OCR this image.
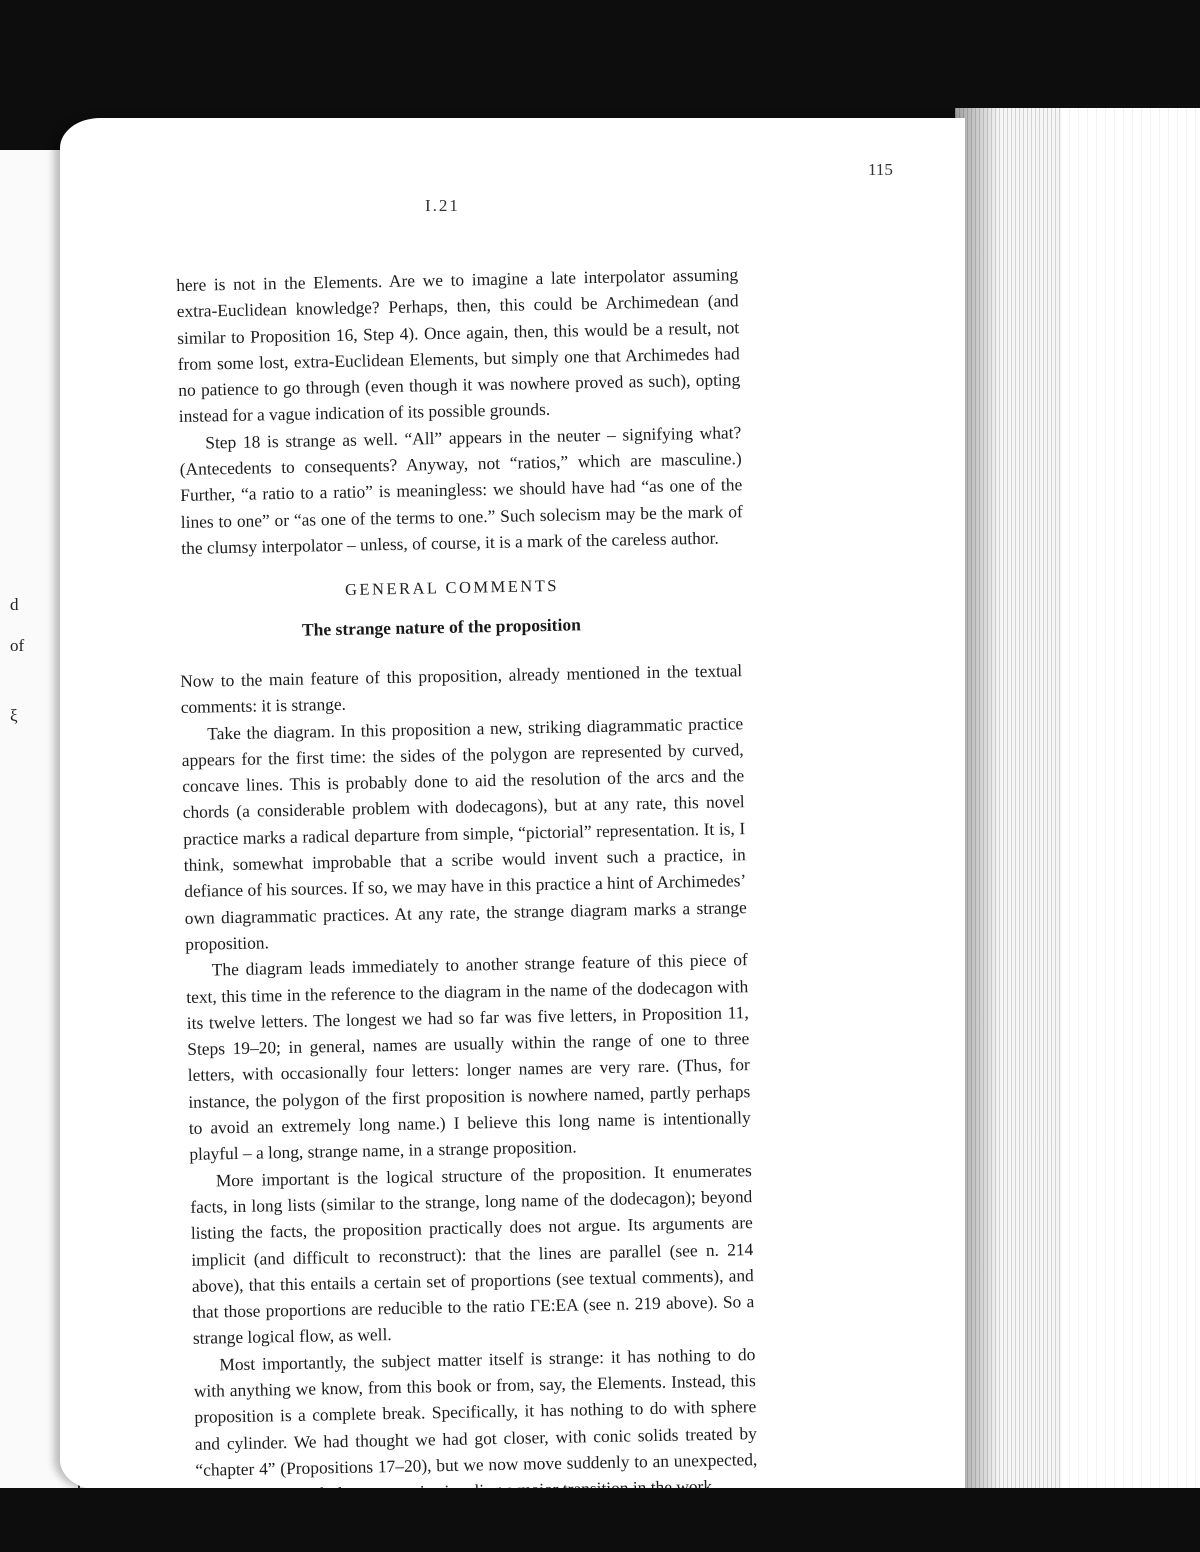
d
of
ξ
I.21
115

here is not in the Elements. Are we to imagine a late interpolator assuming extra-Euclidean knowledge? Perhaps, then, this could be Archimedean (and similar to Proposition 16, Step 4). Once again, then, this would be a result, not from some lost, extra-Euclidean Elements, but simply one that Archimedes had no patience to go through (even though it was nowhere proved as such), opting instead for a vague indication of its possible grounds.

Step 18 is strange as well. “All” appears in the neuter – signifying what? (Antecedents to consequents? Anyway, not “ratios,” which are masculine.) Further, “a ratio to a ratio” is meaningless: we should have had “as one of the lines to one” or “as one of the terms to one.” Such solecism may be the mark of the clumsy interpolator – unless, of course, it is a mark of the careless author.

GENERAL COMMENTS
The strange nature of the proposition

Now to the main feature of this proposition, already mentioned in the textual comments: it is strange.

Take the diagram. In this proposition a new, striking diagrammatic practice appears for the first time: the sides of the polygon are represented by curved, concave lines. This is probably done to aid the resolution of the arcs and the chords (a considerable problem with dodecagons), but at any rate, this novel practice marks a radical departure from simple, “pictorial” representation. It is, I think, somewhat improbable that a scribe would invent such a practice, in defiance of his sources. If so, we may have in this practice a hint of Archimedes’ own diagrammatic practices. At any rate, the strange diagram marks a strange proposition.

The diagram leads immediately to another strange feature of this piece of text, this time in the reference to the diagram in the name of the dodecagon with its twelve letters. The longest we had so far was five letters, in Proposition 11, Steps 19–20; in general, names are usually within the range of one to three letters, with occasionally four letters: longer names are very rare. (Thus, for instance, the polygon of the first proposition is nowhere named, partly perhaps to avoid an extremely long name.) I believe this long name is intentionally playful – a long, strange name, in a strange proposition.

More important is the logical structure of the proposition. It enumerates facts, in long lists (similar to the strange, long name of the dodecagon); beyond listing the facts, the proposition practically does not argue. Its arguments are implicit (and difficult to reconstruct): that the lines are parallel (see n. 214 above), that this entails a certain set of proportions (see textual comments), and that those proportions are reducible to the ratio ΓΕ:ΕΑ (see n. 219 above). So a strange logical flow, as well.

Most importantly, the subject matter itself is strange: it has nothing to do with anything we know, from this book or from, say, the Elements. Instead, this proposition is a complete break. Specifically, it has nothing to do with sphere and cylinder. We had thought we had got closer, with conic solids treated by “chapter 4” (Propositions 17–20), but we now move suddenly to an unexpected, work.
